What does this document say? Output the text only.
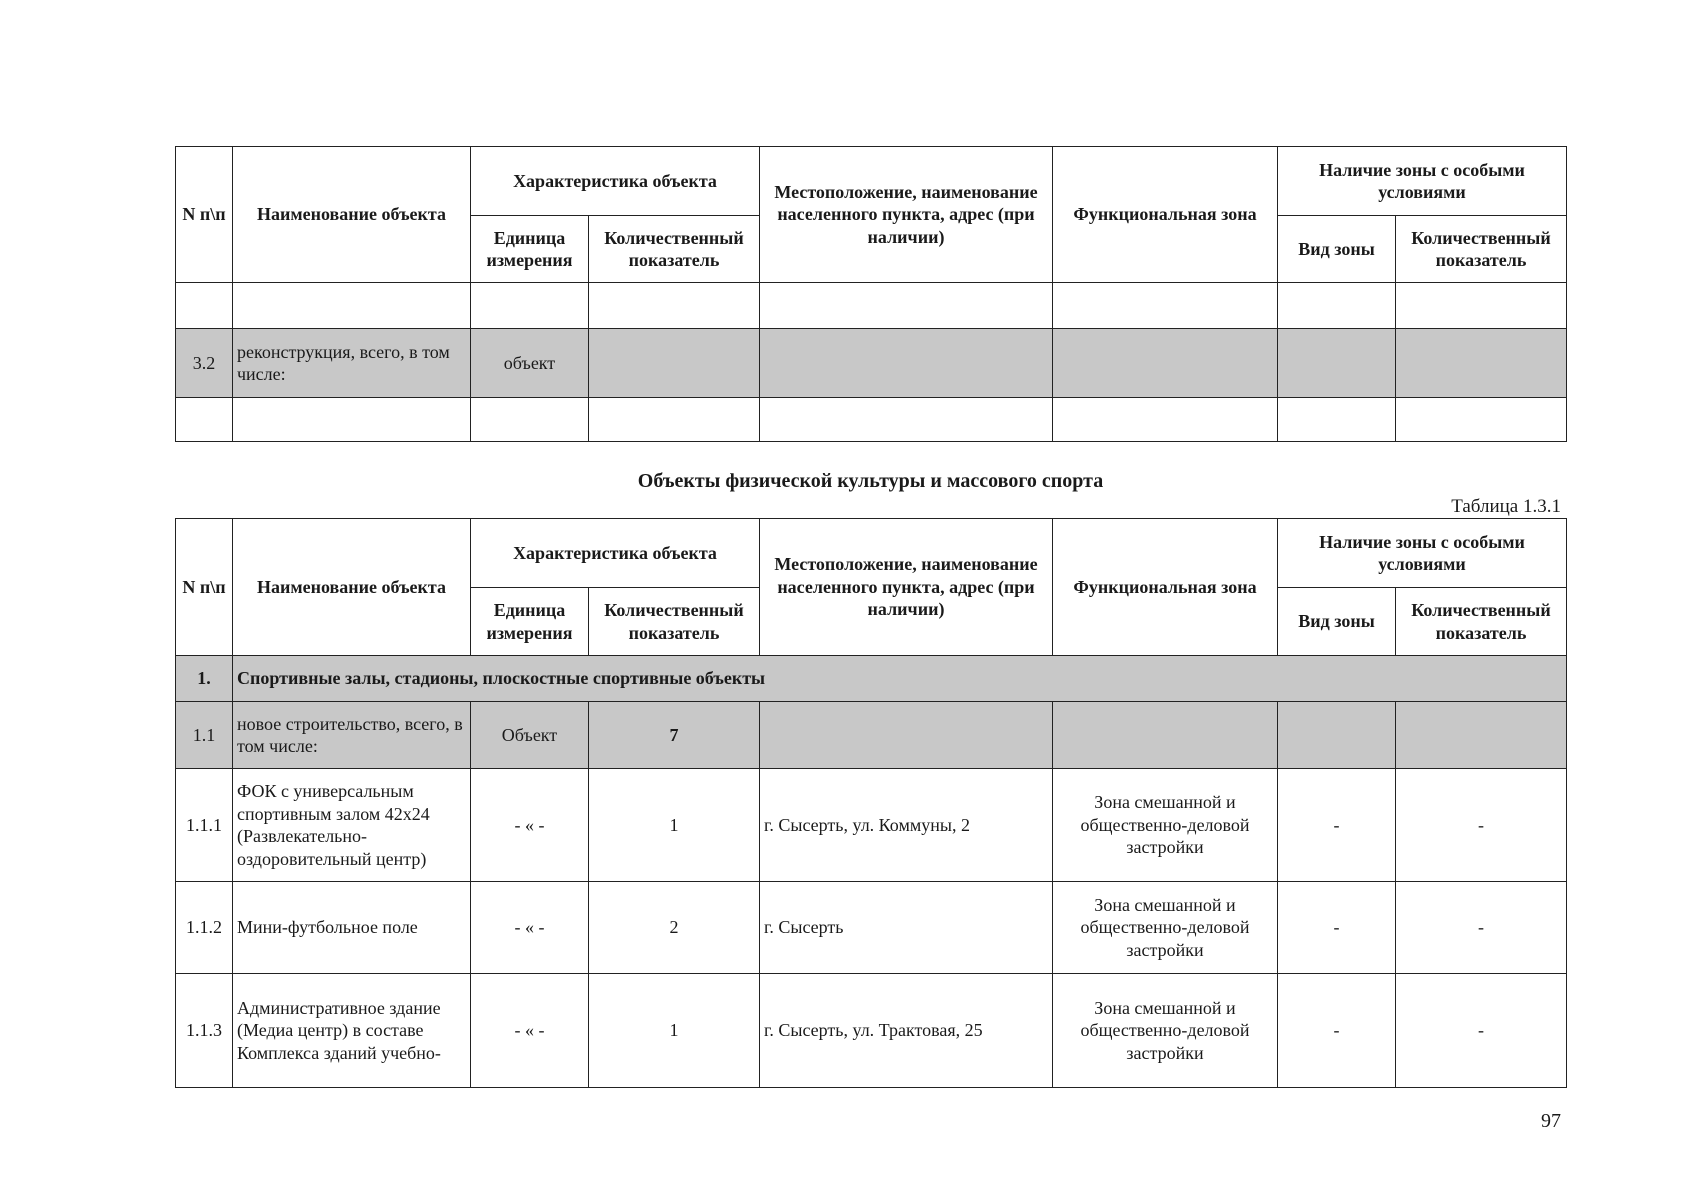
N п\п	Наименование объекта	Характеристика объекта		Местоположение, наименование населенного пункта, адрес (при наличии)	Функциональная зона	Наличие зоны с особыми условиями	
		Единица измерения	Количественный показатель			Вид зоны	Количественный показатель

3.2	реконструкция, всего, в том числе:	объект					

Объекты физической культуры и массового спорта
Таблица 1.3.1
N п\п	Наименование объекта	Характеристика объекта		Местоположение, наименование населенного пункта, адрес (при наличии)	Функциональная зона	Наличие зоны с особыми условиями	
		Единица измерения	Количественный показатель			Вид зоны	Количественный показатель
1.	Спортивные залы, стадионы, плоскостные спортивные объекты						
1.1	новое строительство, всего, в том числе:	Объект	7				
1.1.1	ФОК с универсальным спортивным залом 42х24 (Развлекательно-оздоровительный центр)	- « -	1	г. Сысерть, ул. Коммуны, 2	Зона смешанной и общественно-деловой застройки	-	-
1.1.2	Мини-футбольное поле	- « -	2	г. Сысерть	Зона смешанной и общественно-деловой застройки	-	-
1.1.3	Административное здание (Медиа центр) в составе Комплекса зданий учебно-	- « -	1	г. Сысерть, ул. Трактовая, 25	Зона смешанной и общественно-деловой застройки	-	-
97
